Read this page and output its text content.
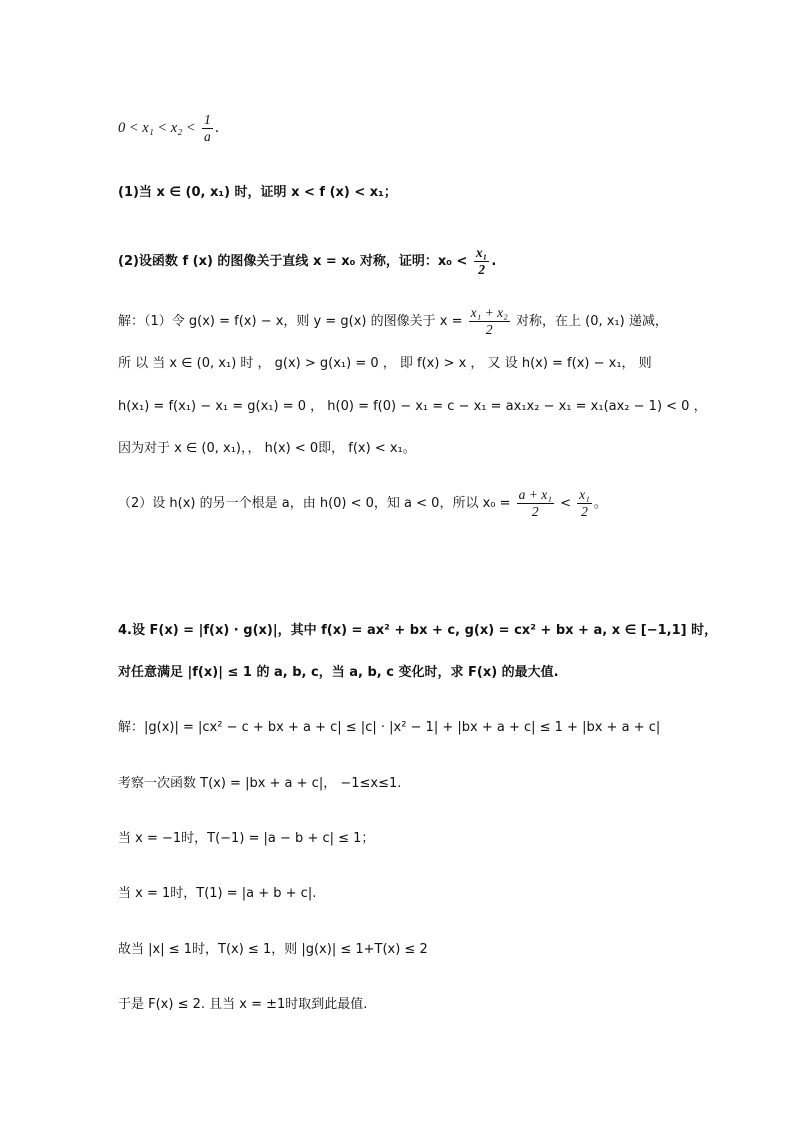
$0 < x_1 < x_2 < \frac{1}{a}$ .
(1)当 x ∈ (0, x₁) 时，证明 x < f (x) < x₁；
(2)设函数 f (x) 的图像关于直线 x = x₀ 对称，证明：$x_0 < \frac{\text{x₁}}{2}$ .
解：（1）令 g(x) = f(x) − x，则 y = g(x) 的图像关于 $x = \frac{\text{x₁ + x₂}}{2}$ 对称，在上 (0, x₁) 递减，
所 以 当 x ∈ (0, x₁) 时 ， g(x) > g(x₁) = 0 ， 即 f(x) > x ， 又 设 h(x) = f(x) − x₁， 则
h(x₁) = f(x₁) − x₁ = g(x₁) = 0 ， h(0) = f(0) − x₁ = c − x₁ = ax₁x₂ − x₁ = x₁(ax₂ − 1) < 0 ，
因为对于 x ∈ (0, x₁)，， h(x) < 0即， f(x) < x₁。
（2）设 h(x) 的另一个根是 a，由 h(0) < 0，知 a < 0，所以 $x_0 = \frac{\text{a + x₁}}{2} < \frac{\text{x₁}}{2}$ 。
4.设 F(x) = |f(x) · g(x)|，其中 f(x) = ax² + bx + c, g(x) = cx² + bx + a, x ∈ [−1,1] 时，
对任意满足 |f(x)| ≤ 1 的 a, b, c，当 a, b, c 变化时，求 F(x) 的最大值.
解：|g(x)| = |cx² − c + bx + a + c| ≤ |c| · |x² − 1| + |bx + a + c| ≤ 1 + |bx + a + c|
考察一次函数 T(x) = |bx + a + c|， −1≤x≤1.
当 x = −1时，T(−1) = |a − b + c| ≤ 1；
当 x = 1时，T(1) = |a + b + c|.
故当 |x| ≤ 1时，T(x) ≤ 1，则 |g(x)| ≤ 1+T(x) ≤ 2
于是 F(x) ≤ 2. 且当 x = ±1时取到此最值.
